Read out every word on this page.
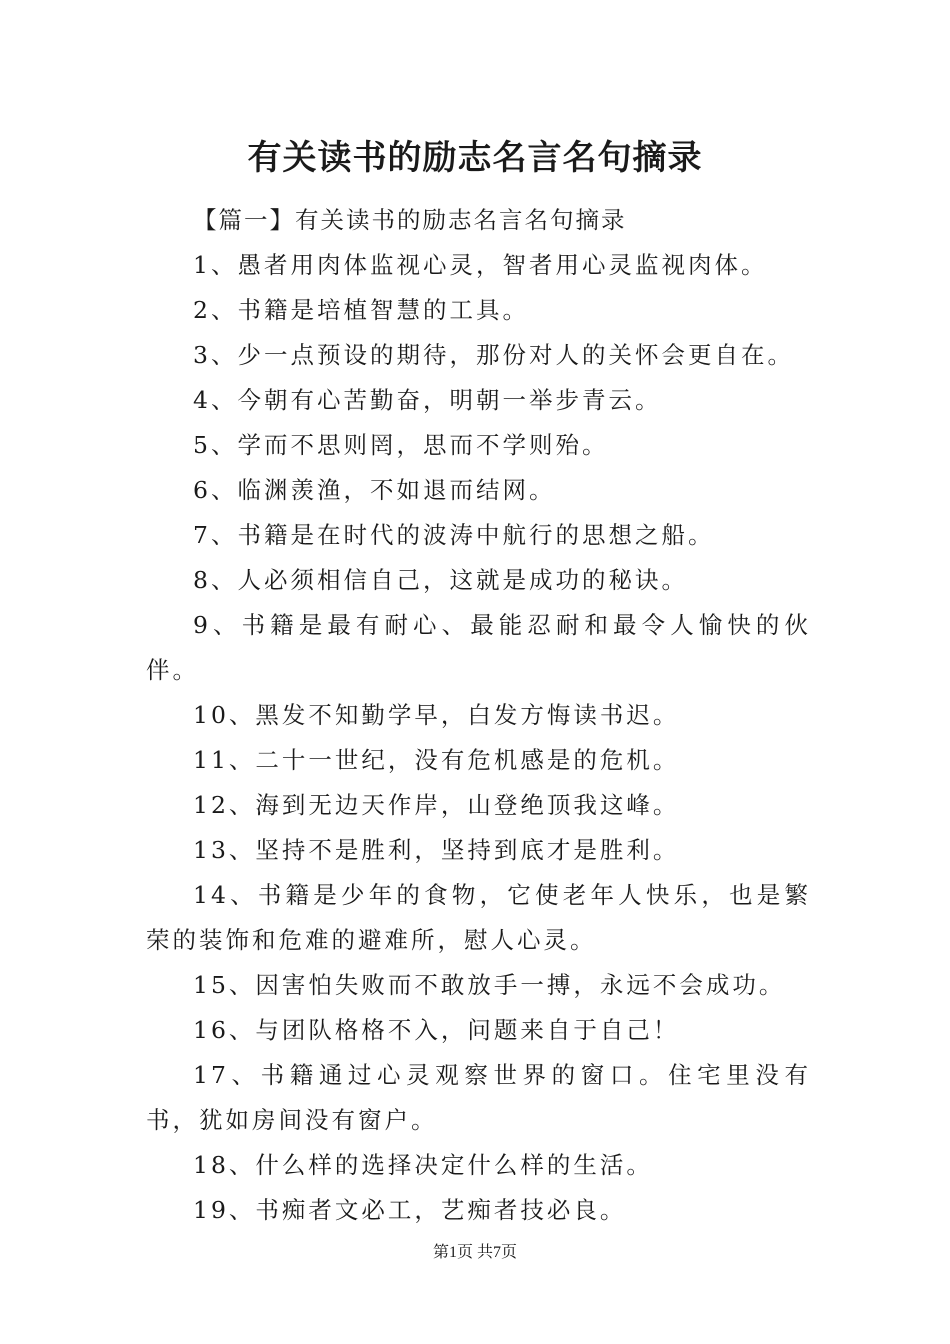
有关读书的励志名言名句摘录

【篇一】有关读书的励志名言名句摘录

1、愚者用肉体监视心灵，智者用心灵监视肉体。

2、书籍是培植智慧的工具。

3、少一点预设的期待，那份对人的关怀会更自在。

4、今朝有心苦勤奋，明朝一举步青云。

5、学而不思则罔，思而不学则殆。

6、临渊羡渔，不如退而结网。

7、书籍是在时代的波涛中航行的思想之船。

8、人必须相信自己，这就是成功的秘诀。

9、书籍是最有耐心、最能忍耐和最令人愉快的伙伴。

10、黑发不知勤学早，白发方悔读书迟。

11、二十一世纪，没有危机感是的危机。

12、海到无边天作岸，山登绝顶我这峰。

13、坚持不是胜利，坚持到底才是胜利。

14、书籍是少年的食物，它使老年人快乐，也是繁荣的装饰和危难的避难所，慰人心灵。

15、因害怕失败而不敢放手一搏，永远不会成功。

16、与团队格格不入，问题来自于自己！

17、书籍通过心灵观察世界的窗口。住宅里没有书，犹如房间没有窗户。

18、什么样的选择决定什么样的生活。

19、书痴者文必工，艺痴者技必良。

第1页 共7页
